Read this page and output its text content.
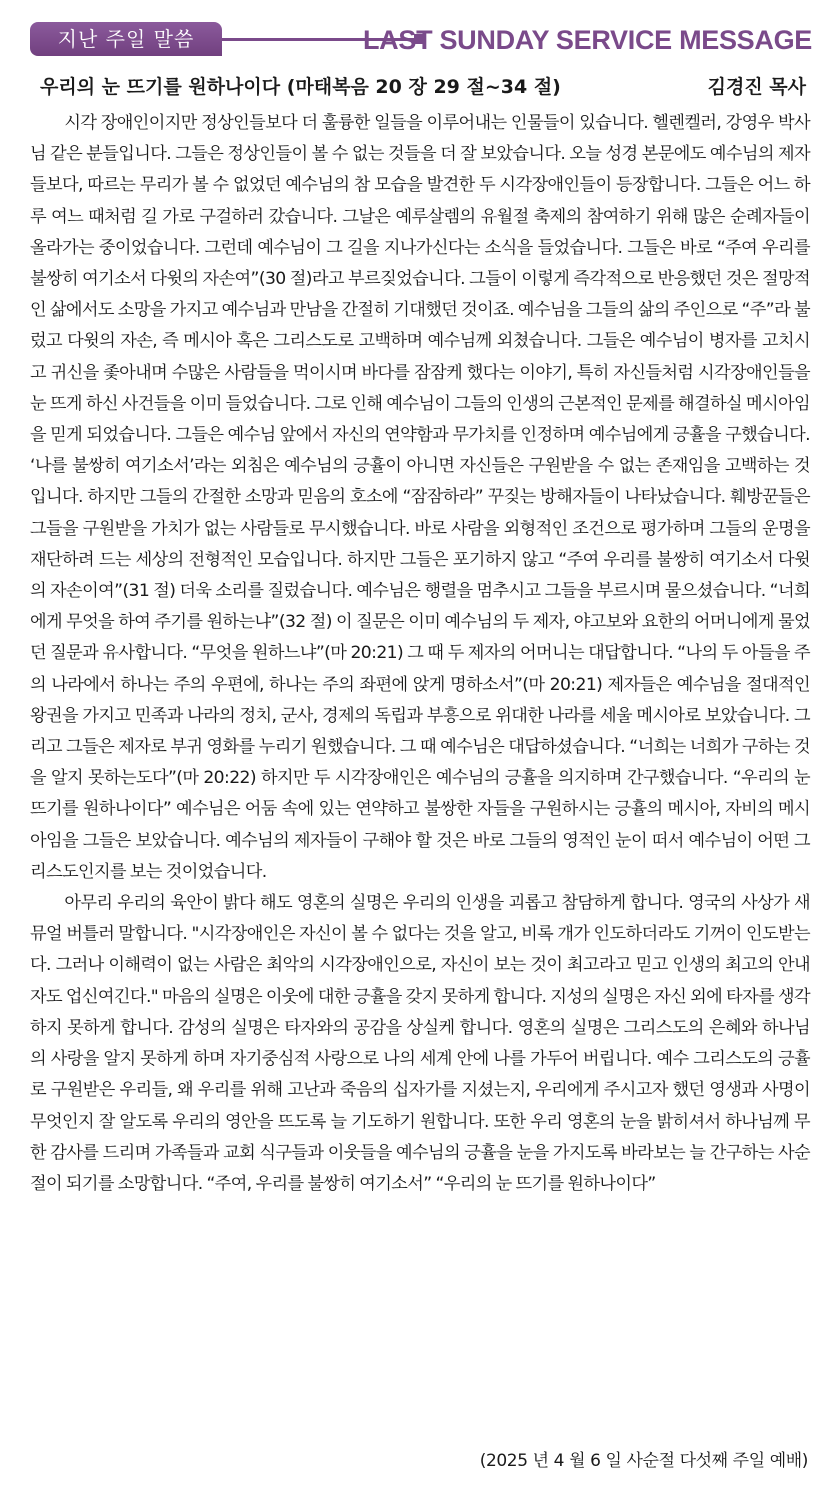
지난 주일 말씀	LAST SUNDAY SERVICE MESSAGE
우리의 눈 뜨기를 원하나이다 (마태복음 20 장 29 절~34 절)	김경진 목사

시각 장애인이지만 정상인들보다 더 훌륭한 일들을 이루어내는 인물들이 있습니다. 헬렌켈러, 강영우 박사님 같은 분들입니다. 그들은 정상인들이 볼 수 없는 것들을 더 잘 보았습니다. 오늘 성경 본문에도 예수님의 제자들보다, 따르는 무리가 볼 수 없었던 예수님의 참 모습을 발견한 두 시각장애인들이 등장합니다. 그들은 어느 하루 여느 때처럼 길 가로 구걸하러 갔습니다. 그날은 예루살렘의 유월절 축제의 참여하기 위해 많은 순례자들이 올라가는 중이었습니다. 그런데 예수님이 그 길을 지나가신다는 소식을 들었습니다. 그들은 바로 “주여 우리를 불쌍히 여기소서 다윗의 자손여”(30 절)라고 부르짖었습니다. 그들이 이렇게 즉각적으로 반응했던 것은 절망적인 삶에서도 소망을 가지고 예수님과 만남을 간절히 기대했던 것이죠. 예수님을 그들의 삶의 주인으로 “주”라 불렀고 다윗의 자손, 즉 메시아 혹은 그리스도로 고백하며 예수님께 외쳤습니다. 그들은 예수님이 병자를 고치시고 귀신을 좇아내며 수많은 사람들을 먹이시며 바다를 잠잠케 했다는 이야기, 특히 자신들처럼 시각장애인들을 눈 뜨게 하신 사건들을 이미 들었습니다. 그로 인해 예수님이 그들의 인생의 근본적인 문제를 해결하실 메시아임을 믿게 되었습니다. 그들은 예수님 앞에서 자신의 연약함과 무가치를 인정하며 예수님에게 긍휼을 구했습니다. ‘나를 불쌍히 여기소서’라는 외침은 예수님의 긍휼이 아니면 자신들은 구원받을 수 없는 존재임을 고백하는 것입니다. 하지만 그들의 간절한 소망과 믿음의 호소에 “잠잠하라” 꾸짖는 방해자들이 나타났습니다. 훼방꾼들은 그들을 구원받을 가치가 없는 사람들로 무시했습니다. 바로 사람을 외형적인 조건으로 평가하며 그들의 운명을 재단하려 드는 세상의 전형적인 모습입니다. 하지만 그들은 포기하지 않고 “주여 우리를 불쌍히 여기소서 다윗의 자손이여”(31 절) 더욱 소리를 질렀습니다. 예수님은 행렬을 멈추시고 그들을 부르시며 물으셨습니다. “너희에게 무엇을 하여 주기를 원하는냐”(32 절) 이 질문은 이미 예수님의 두 제자, 야고보와 요한의 어머니에게 물었던 질문과 유사합니다. “무엇을 원하느냐”(마 20:21) 그 때 두 제자의 어머니는 대답합니다. “나의 두 아들을 주의 나라에서 하나는 주의 우편에, 하나는 주의 좌편에 앉게 명하소서”(마 20:21) 제자들은 예수님을 절대적인 왕권을 가지고 민족과 나라의 정치, 군사, 경제의 독립과 부흥으로 위대한 나라를 세울 메시아로 보았습니다. 그리고 그들은 제자로 부귀 영화를 누리기 원했습니다. 그 때 예수님은 대답하셨습니다. “너희는 너희가 구하는 것을 알지 못하는도다”(마 20:22) 하지만 두 시각장애인은 예수님의 긍휼을 의지하며 간구했습니다. “우리의 눈 뜨기를 원하나이다” 예수님은 어둠 속에 있는 연약하고 불쌍한 자들을 구원하시는 긍휼의 메시아, 자비의 메시아임을 그들은 보았습니다. 예수님의 제자들이 구해야 할 것은 바로 그들의 영적인 눈이 떠서 예수님이 어떤 그리스도인지를 보는 것이었습니다.

아무리 우리의 육안이 밝다 해도 영혼의 실명은 우리의 인생을 괴롭고 참담하게 합니다. 영국의 사상가 새뮤얼 버틀러 말합니다. "시각장애인은 자신이 볼 수 없다는 것을 알고, 비록 개가 인도하더라도 기꺼이 인도받는다. 그러나 이해력이 없는 사람은 최악의 시각장애인으로, 자신이 보는 것이 최고라고 믿고 인생의 최고의 안내자도 업신여긴다." 마음의 실명은 이웃에 대한 긍휼을 갖지 못하게 합니다. 지성의 실명은 자신 외에 타자를 생각하지 못하게 합니다. 감성의 실명은 타자와의 공감을 상실케 합니다. 영혼의 실명은 그리스도의 은혜와 하나님의 사랑을 알지 못하게 하며 자기중심적 사랑으로 나의 세계 안에 나를 가두어 버립니다. 예수 그리스도의 긍휼로 구원받은 우리들, 왜 우리를 위해 고난과 죽음의 십자가를 지셨는지, 우리에게 주시고자 했던 영생과 사명이 무엇인지 잘 알도록 우리의 영안을 뜨도록 늘 기도하기 원합니다. 또한 우리 영혼의 눈을 밝히셔서 하나님께 무한 감사를 드리며 가족들과 교회 식구들과 이웃들을 예수님의 긍휼을 눈을 가지도록 바라보는 늘 간구하는 사순절이 되기를 소망합니다. “주여, 우리를 불쌍히 여기소서” “우리의 눈 뜨기를 원하나이다”

(2025 년 4 월 6 일 사순절 다섯째 주일 예배)
